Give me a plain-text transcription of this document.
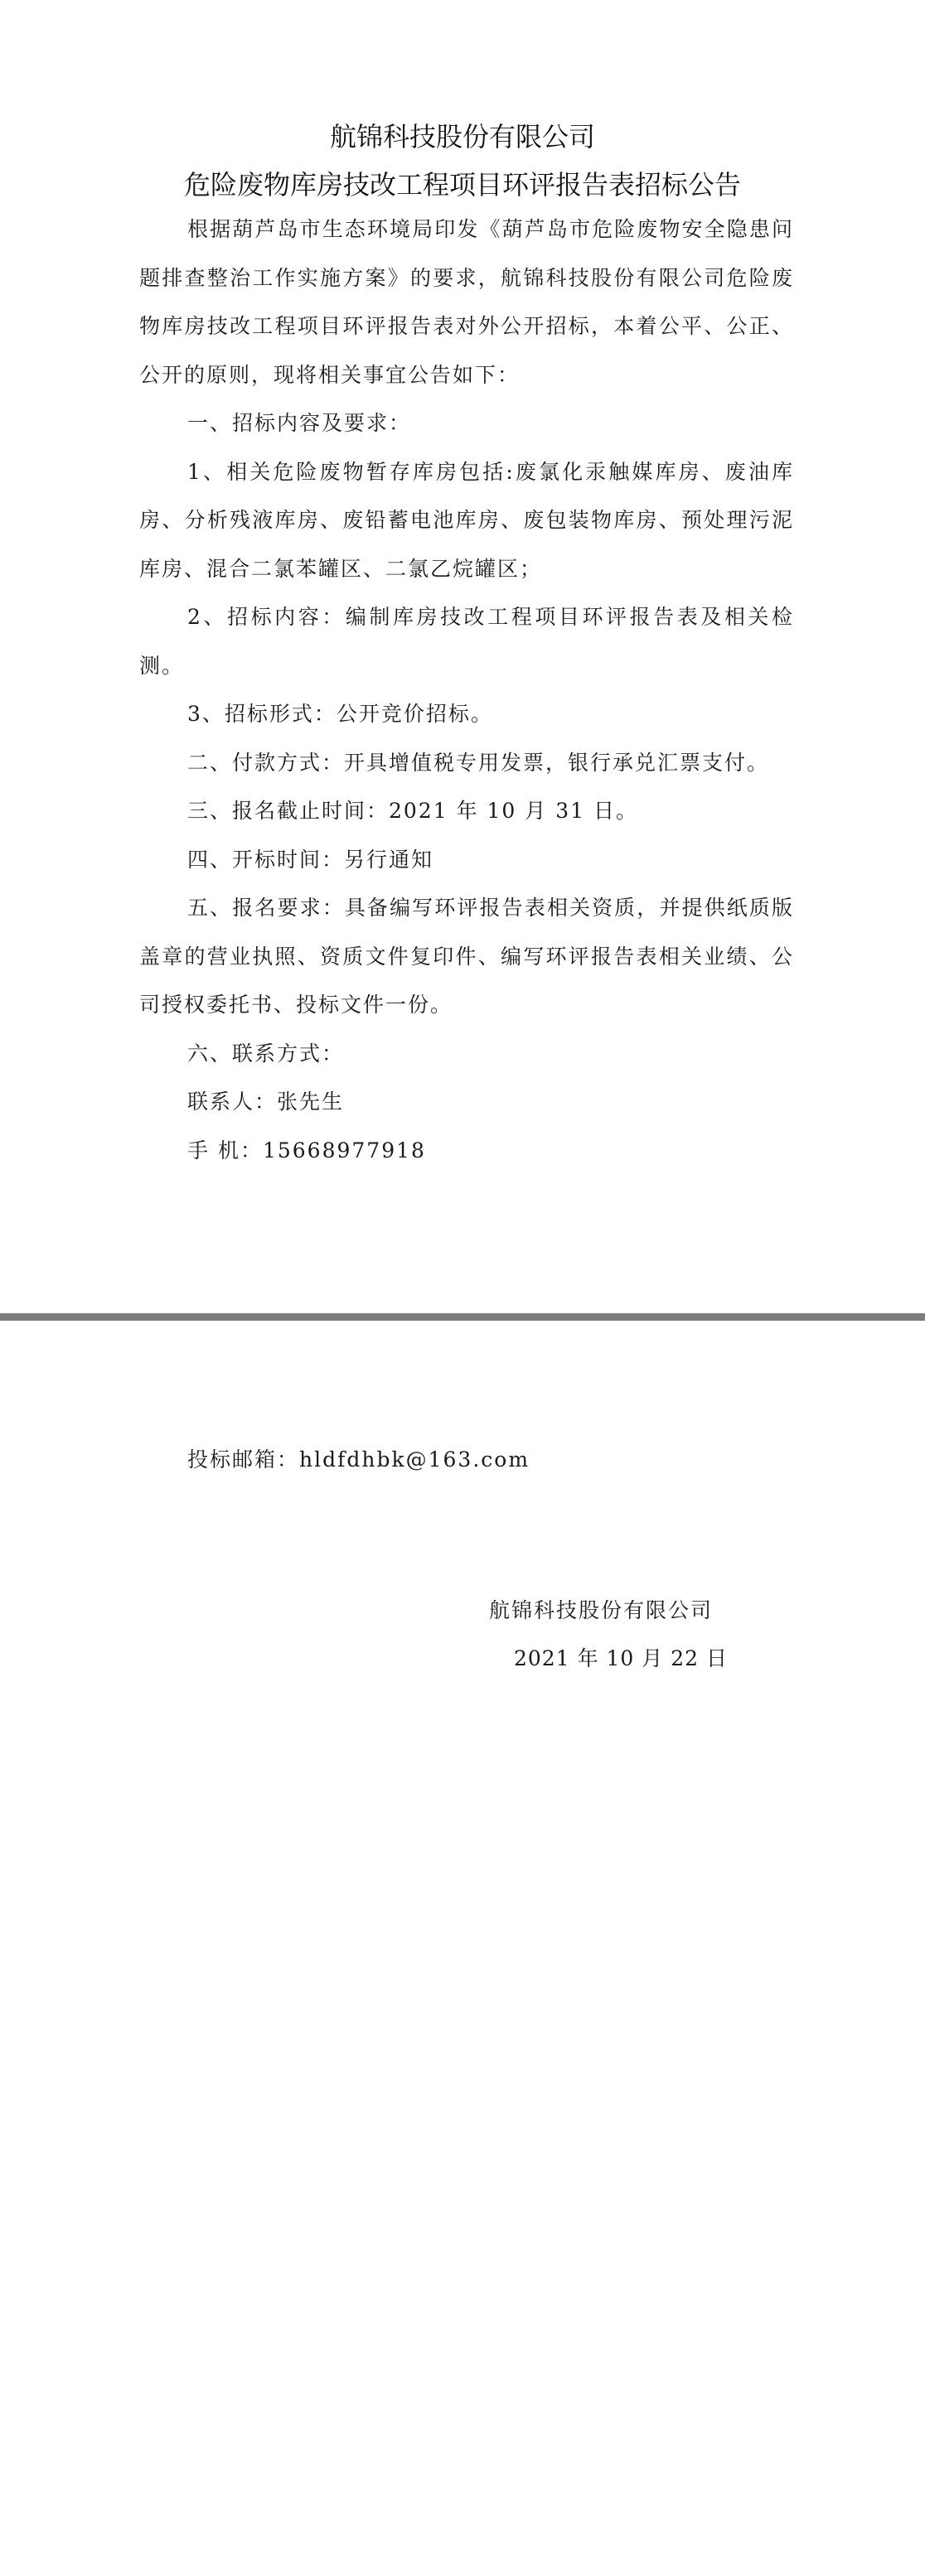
航锦科技股份有限公司
危险废物库房技改工程项目环评报告表招标公告

根据葫芦岛市生态环境局印发《葫芦岛市危险废物安全隐患问题排查整治工作实施方案》的要求，航锦科技股份有限公司危险废物库房技改工程项目环评报告表对外公开招标，本着公平、公正、公开的原则，现将相关事宜公告如下：

一、招标内容及要求：

1、相关危险废物暂存库房包括:废氯化汞触媒库房、废油库房、分析残液库房、废铅蓄电池库房、废包装物库房、预处理污泥库房、混合二氯苯罐区、二氯乙烷罐区；

2、招标内容：编制库房技改工程项目环评报告表及相关检测。

3、招标形式：公开竞价招标。

二、付款方式：开具增值税专用发票，银行承兑汇票支付。

三、报名截止时间：2021 年 10 月 31 日。

四、开标时间：另行通知

五、报名要求：具备编写环评报告表相关资质，并提供纸质版盖章的营业执照、资质文件复印件、编写环评报告表相关业绩、公司授权委托书、投标文件一份。

六、联系方式：

联系人：张先生

手 机：15668977918

投标邮箱：hldfdhbk@163.com
航锦科技股份有限公司
2021 年 10 月 22 日
